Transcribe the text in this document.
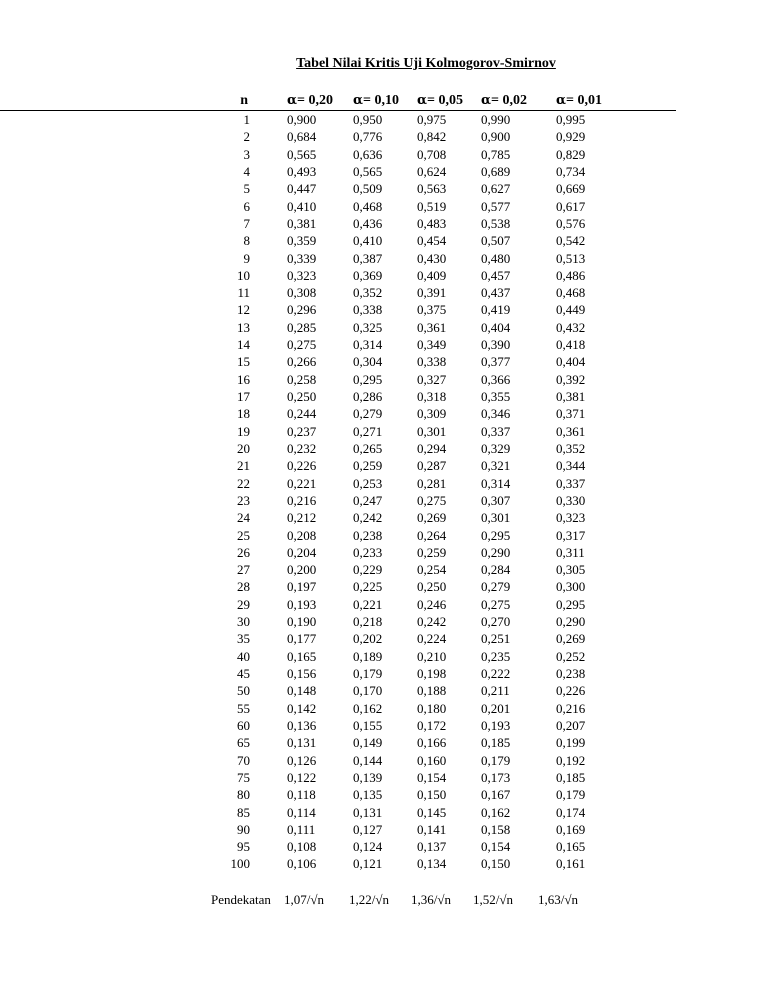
Tabel Nilai Kritis Uji Kolmogorov-Smirnov
	n		α= 0,20	α= 0,10	α= 0,05	α= 0,02	α= 0,01
	1		0,900	0,950	0,975	0,990	0,995
	2		0,684	0,776	0,842	0,900	0,929
	3		0,565	0,636	0,708	0,785	0,829
	4		0,493	0,565	0,624	0,689	0,734
	5		0,447	0,509	0,563	0,627	0,669
	6		0,410	0,468	0,519	0,577	0,617
	7		0,381	0,436	0,483	0,538	0,576
	8		0,359	0,410	0,454	0,507	0,542
	9		0,339	0,387	0,430	0,480	0,513
	10		0,323	0,369	0,409	0,457	0,486
	11		0,308	0,352	0,391	0,437	0,468
	12		0,296	0,338	0,375	0,419	0,449
	13		0,285	0,325	0,361	0,404	0,432
	14		0,275	0,314	0,349	0,390	0,418
	15		0,266	0,304	0,338	0,377	0,404
	16		0,258	0,295	0,327	0,366	0,392
	17		0,250	0,286	0,318	0,355	0,381
	18		0,244	0,279	0,309	0,346	0,371
	19		0,237	0,271	0,301	0,337	0,361
	20		0,232	0,265	0,294	0,329	0,352
	21		0,226	0,259	0,287	0,321	0,344
	22		0,221	0,253	0,281	0,314	0,337
	23		0,216	0,247	0,275	0,307	0,330
	24		0,212	0,242	0,269	0,301	0,323
	25		0,208	0,238	0,264	0,295	0,317
	26		0,204	0,233	0,259	0,290	0,311
	27		0,200	0,229	0,254	0,284	0,305
	28		0,197	0,225	0,250	0,279	0,300
	29		0,193	0,221	0,246	0,275	0,295
	30		0,190	0,218	0,242	0,270	0,290
	35		0,177	0,202	0,224	0,251	0,269
	40		0,165	0,189	0,210	0,235	0,252
	45		0,156	0,179	0,198	0,222	0,238
	50		0,148	0,170	0,188	0,211	0,226
	55		0,142	0,162	0,180	0,201	0,216
	60		0,136	0,155	0,172	0,193	0,207
	65		0,131	0,149	0,166	0,185	0,199
	70		0,126	0,144	0,160	0,179	0,192
	75		0,122	0,139	0,154	0,173	0,185
	80		0,118	0,135	0,150	0,167	0,179
	85		0,114	0,131	0,145	0,162	0,174
	90		0,111	0,127	0,141	0,158	0,169
	95		0,108	0,124	0,137	0,154	0,165
	100		0,106	0,121	0,134	0,150	0,161
Pendekatan 1,07/√n 1,22/√n 1,36/√n 1,52/√n 1,63/√n
